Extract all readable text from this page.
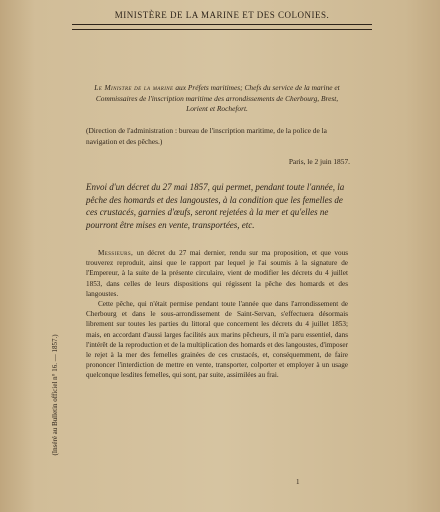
MINISTÈRE DE LA MARINE ET DES COLONIES.
Le Ministre de la marine aux Préfets maritimes; Chefs du service de la marine et Commissaires de l'inscription maritime des arrondissements de Cherbourg, Brest, Lorient et Rochefort.
(Direction de l'administration : bureau de l'inscription maritime, de la police de la navigation et des pêches.)
Paris, le 2 juin 1857.
Envoi d'un décret du 27 mai 1857, qui permet, pendant toute l'année, la pêche des homards et des langoustes, à la condition que les femelles de ces crustacés, garnies d'œufs, seront rejetées à la mer et qu'elles ne pourront être mises en vente, transportées, etc.

Messieurs, un décret du 27 mai dernier, rendu sur ma proposition, et que vous trouverez reproduit, ainsi que le rapport par lequel je l'ai soumis à la signature de l'Empereur, à la suite de la présente circulaire, vient de modifier les décrets du 4 juillet 1853, dans celles de leurs dispositions qui régissent la pêche des homards et des langoustes.

Cette pêche, qui n'était permise pendant toute l'année que dans l'arrondissement de Cherbourg et dans le sous-arrondissement de Saint-Servan, s'effectuera désormais librement sur toutes les parties du littoral que concernent les décrets du 4 juillet 1853; mais, en accordant d'aussi larges facilités aux marins pêcheurs, il m'a paru essentiel, dans l'intérêt de la reproduction et de la multiplication des homards et des langoustes, d'imposer le rejet à la mer des femelles grainées de ces crustacés, et, conséquemment, de faire prononcer l'interdiction de mettre en vente, transporter, colporter et employer à un usage quelconque lesdites femelles, qui sont, par suite, assimilées au frai.

(Inséré au Bulletin officiel n° 16. — 1857.)
1
